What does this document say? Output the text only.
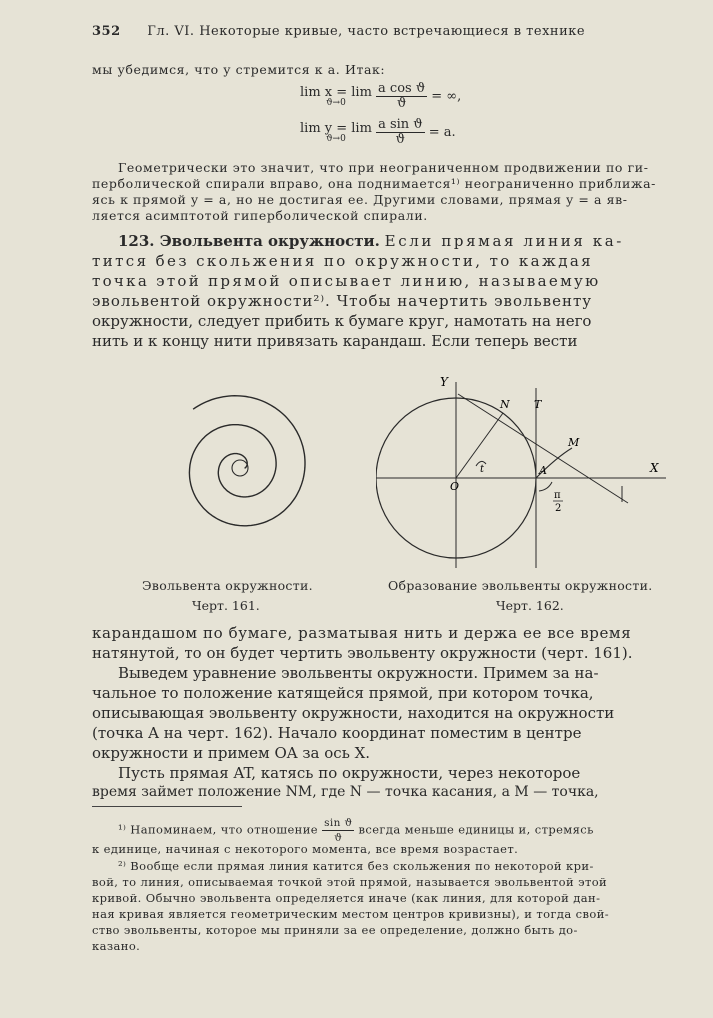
352 Гл. VI. Некоторые кривые, часто встречающиеся в технике
мы убедимся, что y стремится к a. Итак:
lim x = lim
ϑ→0
	$\frac{\text{a cos ϑ}}{ϑ}$ = ∞,
lim y = lim
ϑ→0
	$\frac{\text{a sin ϑ}}{ϑ} = a$.
Геометрически это значит, что при неограниченном продвижении по ги-
перболической спирали вправо, она поднимается¹⁾ неограниченно приближа-
ясь к прямой y = a, но не достигая ее. Другими словами, прямая y = a яв-
ляется асимптотой гиперболической спирали.
123. Эвольвента окружности. Если прямая линия ка-
тится без скольжения по окружности, то каждая
точка этой прямой описывает линию, называемую
эвольвентой окружности²⁾. Чтобы начертить эвольвенту
окружности, следует прибить к бумаге круг, намотать на него
нить и к концу нити привязать карандаш. Если теперь вести
Y
N T
M
A	X
O
t
π
2
Эвольвента окружности.
Черт. 161.
Образование эвольвенты окружности.
Черт. 162.
карандашом по бумаге, разматывая нить и держа ее все время
натянутой, то он будет чертить эвольвенту окружности (черт. 161).
Выведем уравнение эвольвенты окружности. Примем за на-
чальное то положение катящейся прямой, при котором точка,
описывающая эвольвенту окружности, находится на окружности
(точка A на черт. 162). Начало координат поместим в центре
окружности и примем OA за ось X.
Пусть прямая AT, катясь по окружности, через некоторое
время займет положение NM, где N — точка касания, а M — точка,
¹⁾ Напоминаем, что отношение $\frac{\text{sin ϑ}}{ϑ}$ всегда меньше единицы и, стремясь
к единице, начиная с некоторого момента, все время возрастает.
²⁾ Вообще если прямая линия катится без скольжения по некоторой кри-
вой, то линия, описываемая точкой этой прямой, называется эвольвентой этой
кривой. Обычно эвольвента определяется иначе (как линия, для которой дан-
ная кривая является геометрическим местом центров кривизны), и тогда свой-
ство эвольвенты, которое мы приняли за ее определение, должно быть до-
казано.
